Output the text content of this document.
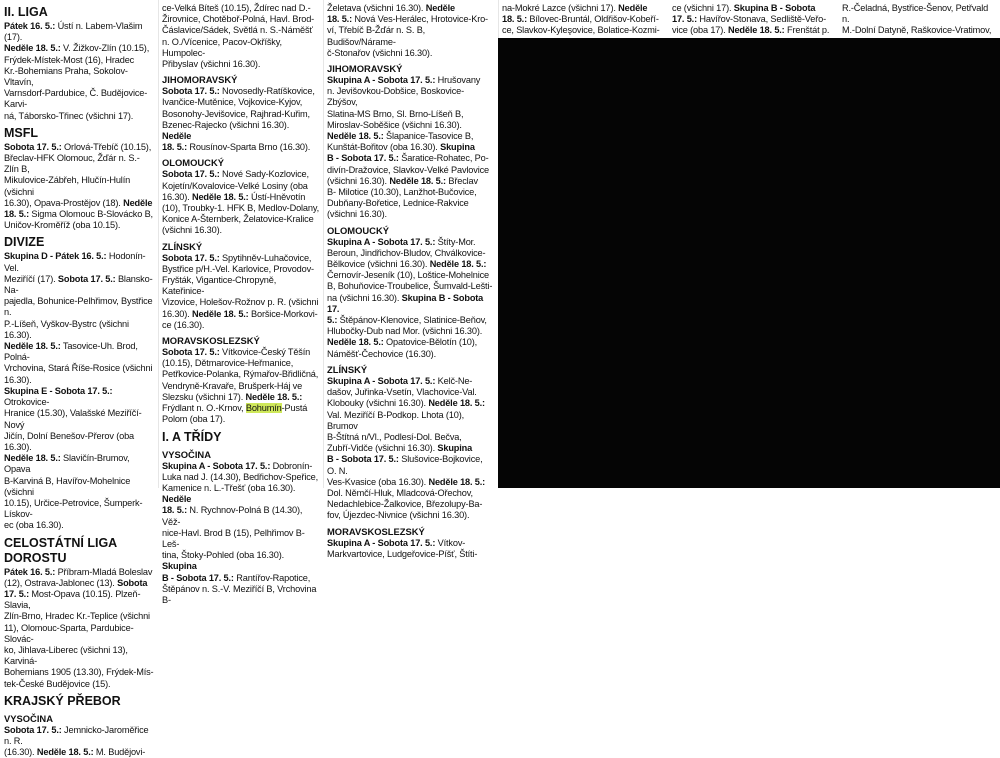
II. LIGA
Pátek 16. 5.: Ústí n. Labem-Vlašim (17).
Neděle 18. 5.: V. Žižkov-Zlín (10.15),
Frýdek-Místek-Most (16), Hradec
Kr.-Bohemians Praha, Sokolov-Vltavín,
Varnsdorf-Pardubice, Č. Budějovice-Karvi-
ná, Táborsko-Třinec (všichni 17).
MSFL
Sobota 17. 5.: Orlová-Třebíč (10.15),
Břeclav-HFK Olomouc, Žďár n. S.-Zlín B,
Mikulovice-Zábřeh, Hlučín-Hulín (všichni
16.30), Opava-Prostějov (18). Neděle
18. 5.: Sigma Olomouc B-Slovácko B,
Uničov-Kroměříž (oba 10.15).
DIVIZE
Skupina D - Pátek 16. 5.: Hodonín- Vel.
Meziříčí (17). Sobota 17. 5.: Blansko-Na-
pajedla, Bohunice-Pelhřimov, Bystřice n.
P.-Líšeň, Vyškov-Bystrc (všichni 16.30).
Neděle 18. 5.: Tasovice-Uh. Brod, Polná-
Vrchovina, Stará Říše-Rosice (všichni
16.30).
Skupina E - Sobota 17. 5.: Otrokovice-
Hranice (15.30), Valašské Meziříčí-Nový
Jičín, Dolní Benešov-Přerov (oba 16.30).
Neděle 18. 5.: Slavičín-Brumov, Opava
B-Karviná B, Havířov-Mohelnice (všichni
10.15), Určice-Petrovice, Šumperk-Lískov-
ec (oba 16.30).
CELOSTÁTNÍ LIGA DOROSTU
Pátek 16. 5.: Příbram-Mladá Boleslav
(12), Ostrava-Jablonec (13). Sobota
17. 5.: Most-Opava (10.15). Plzeň-Slavia,
Zlín-Brno, Hradec Kr.-Teplice (všichni
11), Olomouc-Sparta, Pardubice-Slovác-
ko, Jihlava-Liberec (všichni 13), Karviná-
Bohemians 1905 (13.30), Frýdek-Mís-
tek-České Budějovice (15).
KRAJSKÝ PŘEBOR
VYSOČINA
Sobota 17. 5.: Jemnicko-Jaroměřice n. R.
(16.30). Neděle 18. 5.: M. Budějovi-
ce-Velká Bíteš (10.15), Ždírec nad D.-
Žirovnice, Chotěboř-Polná, Havl. Brod-
Čáslavice/Sádek, Světlá n. S.-Náměšť
n. O./Vícenice, Pacov-Okříšky, Humpolec-
Přibyslav (všichni 16.30).
JIHOMORAVSKÝ
Sobota 17. 5.: Novosedly-Ratíškovice,
Ivančice-Mutěnice, Vojkovice-Kyjov,
Bosonohy-Jevišovice, Rajhrad-Kuřim,
Bzenec-Rajecko (všichni 16.30). Neděle
18. 5.: Rousínov-Sparta Brno (16.30).
OLOMOUCKÝ
Sobota 17. 5.: Nové Sady-Kozlovice,
Kojetín/Kovalovice-Velké Losiny (oba
16.30). Neděle 18. 5.: Ústí-Hněvotín
(10), Troubky-1. HFK B, Medlov-Dolany,
Konice A-Šternberk, Želatovice-Kralice
(všichni 16.30).
ZLÍNSKÝ
Sobota 17. 5.: Spytihněv-Luhačovice,
Bystřice p/H.-Vel. Karlovice, Provodov-
Fryšták, Vigantice-Chropyně, Kateřinice-
Vizovice, Holešov-Rožnov p. R. (všichni
16.30). Neděle 18. 5.: Boršice-Morkovi-
ce (16.30).
MORAVSKOSLEZSKÝ
Sobota 17. 5.: Vítkovice-Český Těšín
(10.15), Dětmarovice-Heřmanice,
Petřkovice-Polanka, Rýmařov-Břidličná,
Vendryně-Kravaře, Brušperk-Háj ve
Slezsku (všichni 17). Neděle 18. 5.:
Frýdlant n. O.-Krnov, Bohumín-Pustá
Polom (oba 17).
I. A TŘÍDY
VYSOČINA
Skupina A - Sobota 17. 5.: Dobronín-
Luka nad J. (14.30), Bedřichov-Speřice,
Kamenice n. L.-Třešť (oba 16.30). Neděle
18. 5.: N. Rychnov-Polná B (14.30), Věž-
nice-Havl. Brod B (15), Pelhřimov B-Leš-
tina, Štoky-Pohled (oba 16.30). Skupina
B - Sobota 17. 5.: Rantířov-Rapotice,
Štěpánov n. S.-V. Meziříčí B, Vrchovina B-
Želetava (všichni 16.30). Neděle
18. 5.: Nová Ves-Herálec, Hrotovice-Kro-
ví, Třebíč B-Žďár n. S. B, Budišov/Nárame-
č-Stonařov (všichni 16.30).
JIHOMORAVSKÝ
Skupina A - Sobota 17. 5.: Hrušovany
n. Jevišovkou-Dobšice, Boskovice-Zbýšov,
Slatina-MS Brno, Sl. Brno-Líšeň B,
Miroslav-Soběšice (všichni 16.30).
Neděle 18. 5.: Šlapanice-Tasovice B,
Kunštát-Bořitov (oba 16.30). Skupina
B - Sobota 17. 5.: Šaratice-Rohatec, Po-
divín-Dražovice, Slavkov-Velké Pavlovice
(všichni 16.30). Neděle 18. 5.: Břeclav
B- Milotice (10.30), Lanžhot-Bučovice,
Dubňany-Bořetice, Lednice-Rakvice
(všichni 16.30).
OLOMOUCKÝ
Skupina A - Sobota 17. 5.: Štíty-Mor.
Beroun, Jindřichov-Bludov, Chválkovice-
Bělkovice (všichni 16.30). Neděle 18. 5.:
Černovír-Jeseník (10), Loštice-Mohelnice
B, Bohuňovice-Troubelice, Šumvald-Lešti-
na (všichni 16.30). Skupina B - Sobota 17.
5.: Štěpánov-Klenovice, Slatinice-Beňov,
Hlubočky-Dub nad Mor. (všichni 16.30).
Neděle 18. 5.: Opatovice-Bělotín (10),
Náměšť-Čechovice (16.30).
ZLÍNSKÝ
Skupina A - Sobota 17. 5.: Kelč-Ne-
dašov, Juřinka-Vsetín, Vlachovice-Val.
Klobouky (všichni 16.30). Neděle 18. 5.:
Val. Meziříčí B-Podkop. Lhota (10), Brumov
B-Štítná n/Vl., Podlesí-Dol. Bečva,
Zubří-Vidče (všichni 16.30). Skupina
B - Sobota 17. 5.: Slušovice-Bojkovice, O. N.
Ves-Kvasice (oba 16.30). Neděle 18. 5.:
Dol. Němčí-Hluk, Mladcová-Ořechov,
Nedachlebice-Žalkovice, Březolupy-Ba-
fov, Újezdec-Nivnice (všichni 16.30).
MORAVSKOSLEZSKÝ
Skupina A - Sobota 17. 5.: Vítkov-
Markvartovice, Ludgeřovice-Píšť, Štíti-
na-Mokré Lazce (všichni 17). Neděle
18. 5.: Bílovec-Bruntál, Oldřišov-Kobeří-
ce, Slavkov-Kyleşovice, Bolatice-Kozmi-
ce (všichni 17). Skupina B - Sobota
17. 5.: Havířov-Stonava, Sedliště-Veřo-
vice (oba 17). Neděle 18. 5.: Frenštát p.
R.-Čeladná, Bystřice-Šenov, Petřvald n.
M.-Dolní Datyně, Raškovice-Vratimov,
